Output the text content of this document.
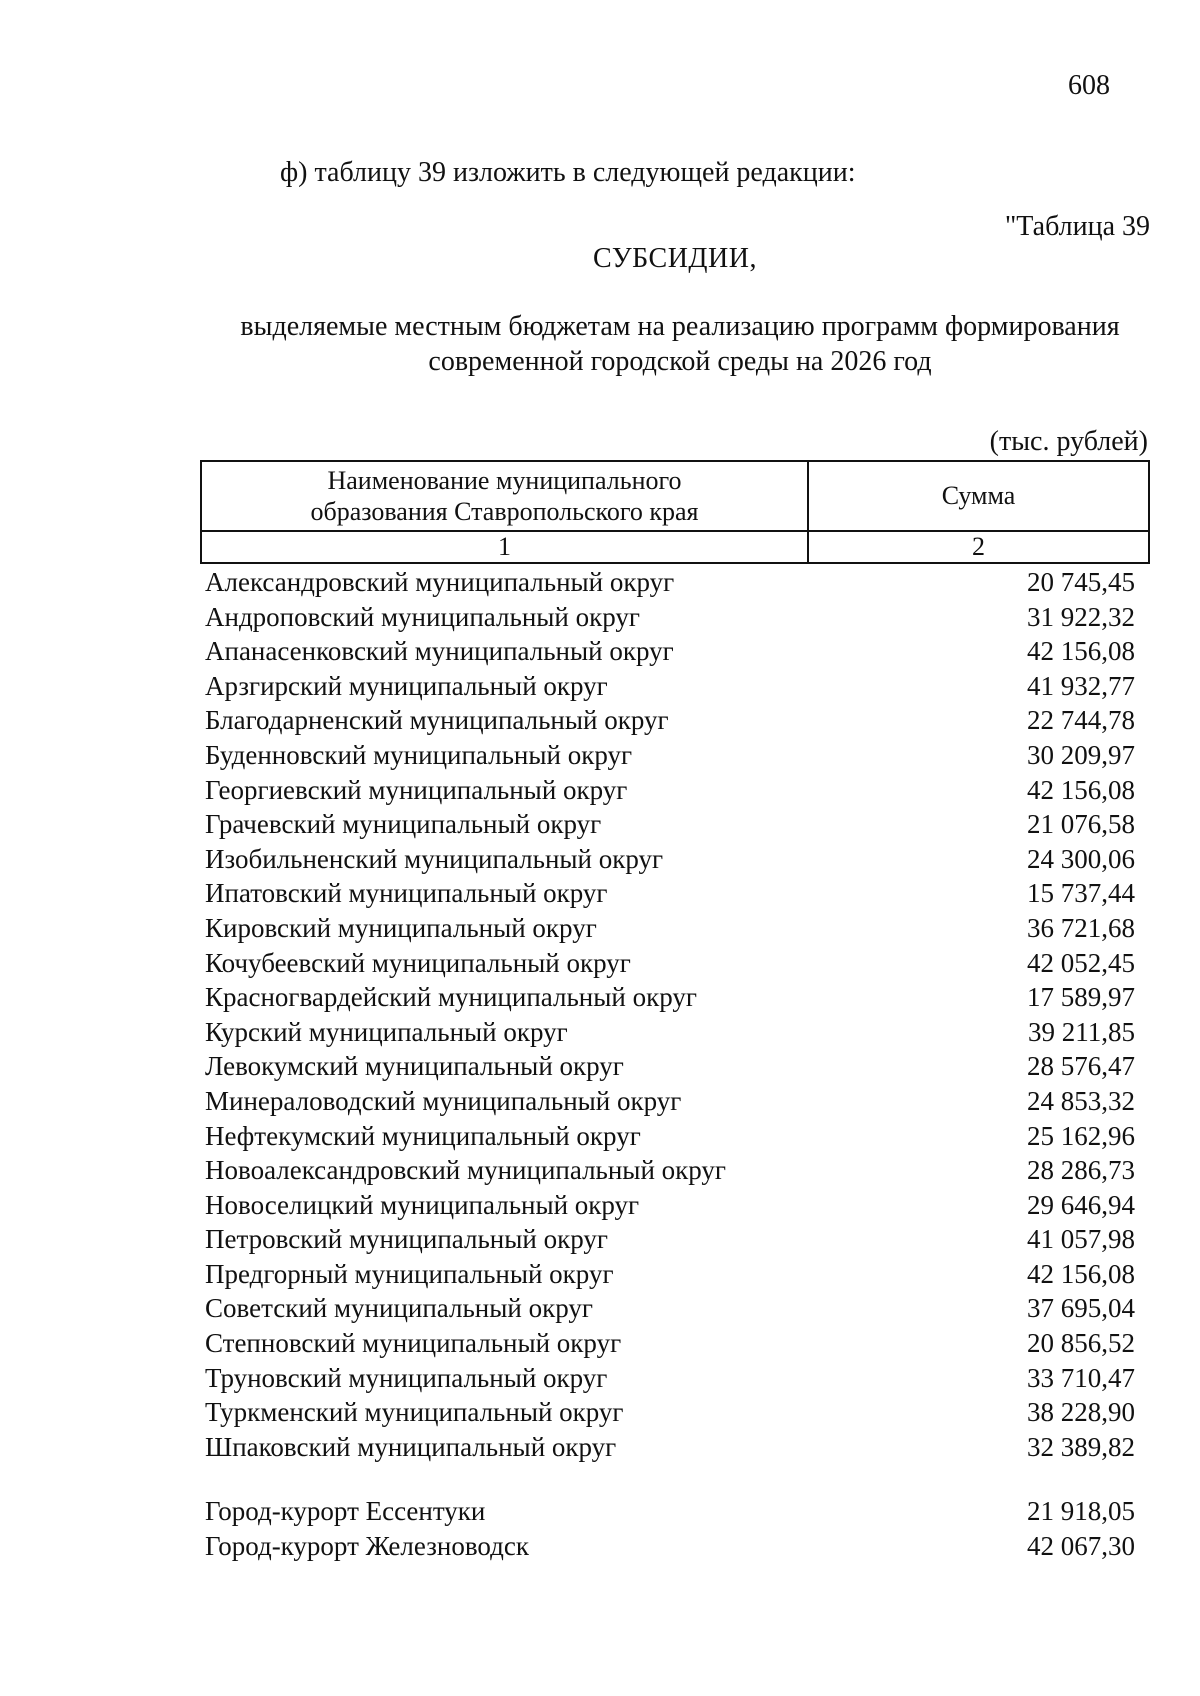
608
ф) таблицу 39 изложить в следующей редакции:
"Таблица 39
СУБСИДИИ,
выделяемые местным бюджетам на реализацию программ формирования
современной городской среды на 2026 год
(тыс. рублей)
Наименование муниципального
образования Ставропольского края	Сумма
1	2
Александровский муниципальный округ	20 745,45
Андроповский муниципальный округ	31 922,32
Апанасенковский муниципальный округ	42 156,08
Арзгирский муниципальный округ	41 932,77
Благодарненский муниципальный округ	22 744,78
Буденновский муниципальный округ	30 209,97
Георгиевский муниципальный округ	42 156,08
Грачевский муниципальный округ	21 076,58
Изобильненский муниципальный округ	24 300,06
Ипатовский муниципальный округ	15 737,44
Кировский муниципальный округ	36 721,68
Кочубеевский муниципальный округ	42 052,45
Красногвардейский муниципальный округ	17 589,97
Курский муниципальный округ	39 211,85
Левокумский муниципальный округ	28 576,47
Минераловодский муниципальный округ	24 853,32
Нефтекумский муниципальный округ	25 162,96
Новоалександровский муниципальный округ	28 286,73
Новоселицкий муниципальный округ	29 646,94
Петровский муниципальный округ	41 057,98
Предгорный муниципальный округ	42 156,08
Советский муниципальный округ	37 695,04
Степновский муниципальный округ	20 856,52
Труновский муниципальный округ	33 710,47
Туркменский муниципальный округ	38 228,90
Шпаковский муниципальный округ	32 389,82
Город-курорт Ессентуки	21 918,05
Город-курорт Железноводск	42 067,30
